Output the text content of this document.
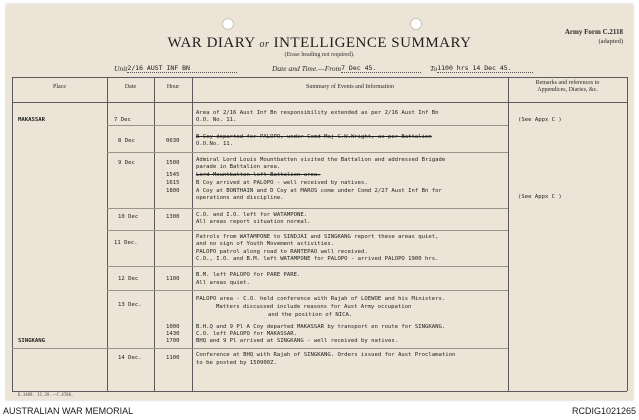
Army Form C.2118
(adapted)
WAR DIARY or INTELLIGENCE SUMMARY
(Erase heading not required).
Unit2/16 AUST INF BN	Date and Time.—From7 Dec 45.	To1100 hrs 14 Dec 45.
Place	Date	Hour	Summary of Events and Information
Remarks and references to
Appendices, Diaries, &c.
MAKASSAR	7 Dec
Area of 2/16 Aust Inf Bn responsibility extended as per 2/16 Aust Inf Bn
O.O. No. 11.	(See Appx C )
8 Dec	0630
B Coy departed for PALOPO, under Comd Maj G.W.Wright, as per Battalion
O.O.No. 11.
9 Dec	1500	Admiral Lord Louis Mountbatten visited the Battalion and addressed Brigade
parade in Battalion area.
1545	Lord Mountbatten left Battalion area.
1615	B Coy arrived at PALOPO - well received by natives.
1800	A Coy at BONTHAIN and D Coy at MAROS come under Comd 2/27 Aust Inf Bn for
operations and discipline.	(See Appx C )
10 Dec	1300	C.O. and I.O. left for WATAMPONE.
All areas report situation normal.
11 Dec.
Patrols from WATAMPONE to SINDJAI and SINGKANG report these areas quiet,
and no sign of Youth Movement activities.
PALOPO patrol along road to RANTEPAO well received.
C.O., I.O. and B.M. left WATAMPONE for PALOPO - arrived PALOPO 1900 hrs.
12 Dec	1100
B.M. left PALOPO for PARE PARE.
All areas quiet.
13 Dec.
PALOPO area - C.O. held conference with Rajah of LOEWOE and his Ministers.
Matters discussed include reasons for Aust Army occupation
and the position of NICA.
1000	B.H.Q and 9 Pl A Coy departed MAKASSAR by transport en route for SINGKANG.
1430	C.O. left PALOPO for MAKASSAR.
SINGKANG	1700	BHQ and 9 Pl arrived at SINGKANG - well received by natives.
14 Dec.	1100	Conference at BHQ with Rajah of SINGKANG. Orders issued for Aust Proclamation
to be posted by 150900Z.
D.3409. 11.39.-—C.4780.
AUSTRALIAN WAR MEMORIAL	RCDIG1021265
